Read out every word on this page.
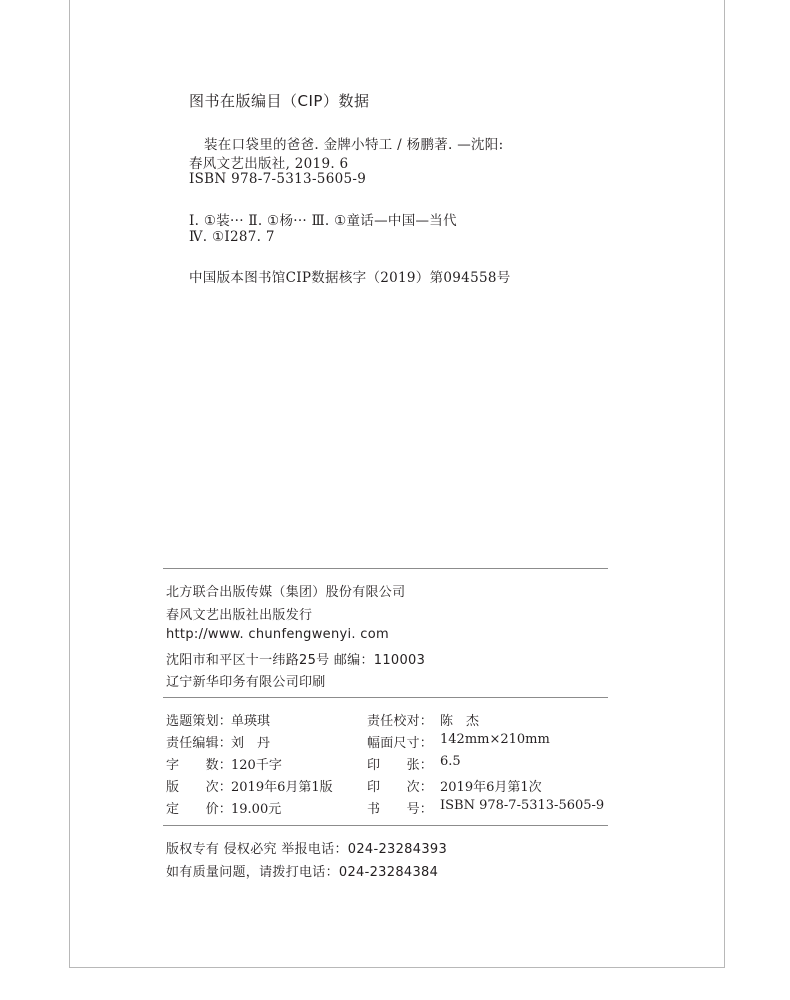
图书在版编目（CIP）数据
装在口袋里的爸爸. 金牌小特工 / 杨鹏著. —沈阳:
春风文艺出版社, 2019. 6
ISBN 978-7-5313-5605-9
Ⅰ. ①装··· Ⅱ. ①杨··· Ⅲ. ①童话—中国—当代
Ⅳ. ①I287. 7
中国版本图书馆CIP数据核字（2019）第094558号
北方联合出版传媒（集团）股份有限公司
春风文艺出版社出版发行
http://www. chunfengwenyi. com
沈阳市和平区十一纬路25号 邮编：110003
辽宁新华印务有限公司印刷
选题策划：
单瑛琪
责任编辑：
刘　丹
字　　数：
120千字
版　　次：
2019年6月第1版
定　　价：
19.00元
责任校对： 陈　杰
幅面尺寸： 142mm×210mm
印　　张： 6.5
印　　次： 2019年6月第1次
书　　号： ISBN 978-7-5313-5605-9
版权专有 侵权必究 举报电话：024-23284393
如有质量问题，请拨打电话：024-23284384
